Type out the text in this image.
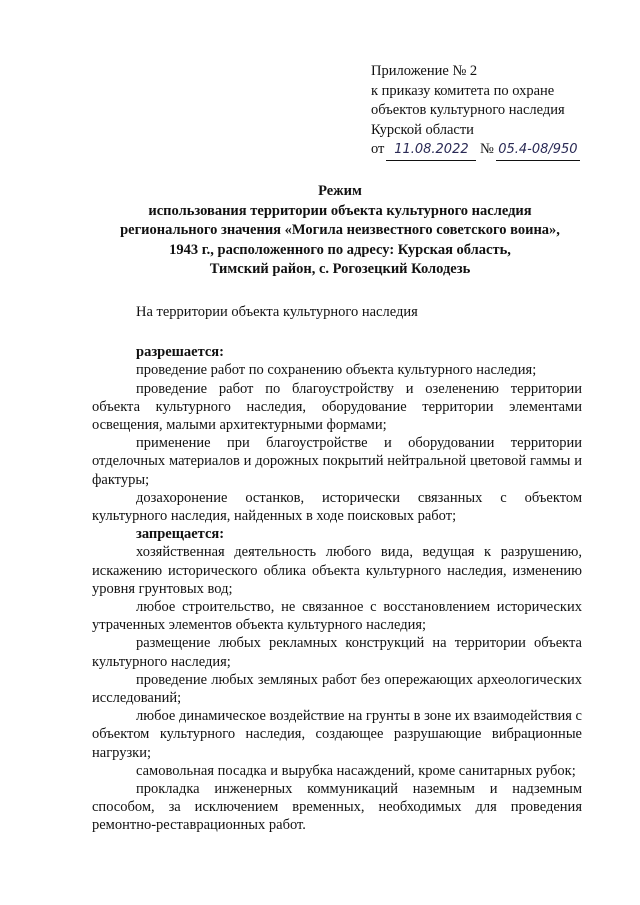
Приложение № 2
к приказу комитета по охране
объектов культурного наследия
Курской области
от 11.08.2022 № 05.4-08/950
Режим
использования территории объекта культурного наследия
регионального значения «Могила неизвестного советского воина»,
1943 г., расположенного по адресу: Курская область,
Тимский район, с. Рогозецкий Колодезь

На территории объекта культурного наследия

разрешается:

проведение работ по сохранению объекта культурного наследия;

проведение работ по благоустройству и озеленению территории объекта культурного наследия, оборудование территории элементами освещения, малыми архитектурными формами;

применение при благоустройстве и оборудовании территории отделочных материалов и дорожных покрытий нейтральной цветовой гаммы и фактуры;

дозахоронение останков, исторически связанных с объектом культурного наследия, найденных в ходе поисковых работ;

запрещается:

хозяйственная деятельность любого вида, ведущая к разрушению, искажению исторического облика объекта культурного наследия, изменению уровня грунтовых вод;

любое строительство, не связанное с восстановлением исторических утраченных элементов объекта культурного наследия;

размещение любых рекламных конструкций на территории объекта культурного наследия;

проведение любых земляных работ без опережающих археологических исследований;

любое динамическое воздействие на грунты в зоне их взаимодействия с объектом культурного наследия, создающее разрушающие вибрационные нагрузки;

самовольная посадка и вырубка насаждений, кроме санитарных рубок;

прокладка инженерных коммуникаций наземным и надземным способом, за исключением временных, необходимых для проведения ремонтно-реставрационных работ.
